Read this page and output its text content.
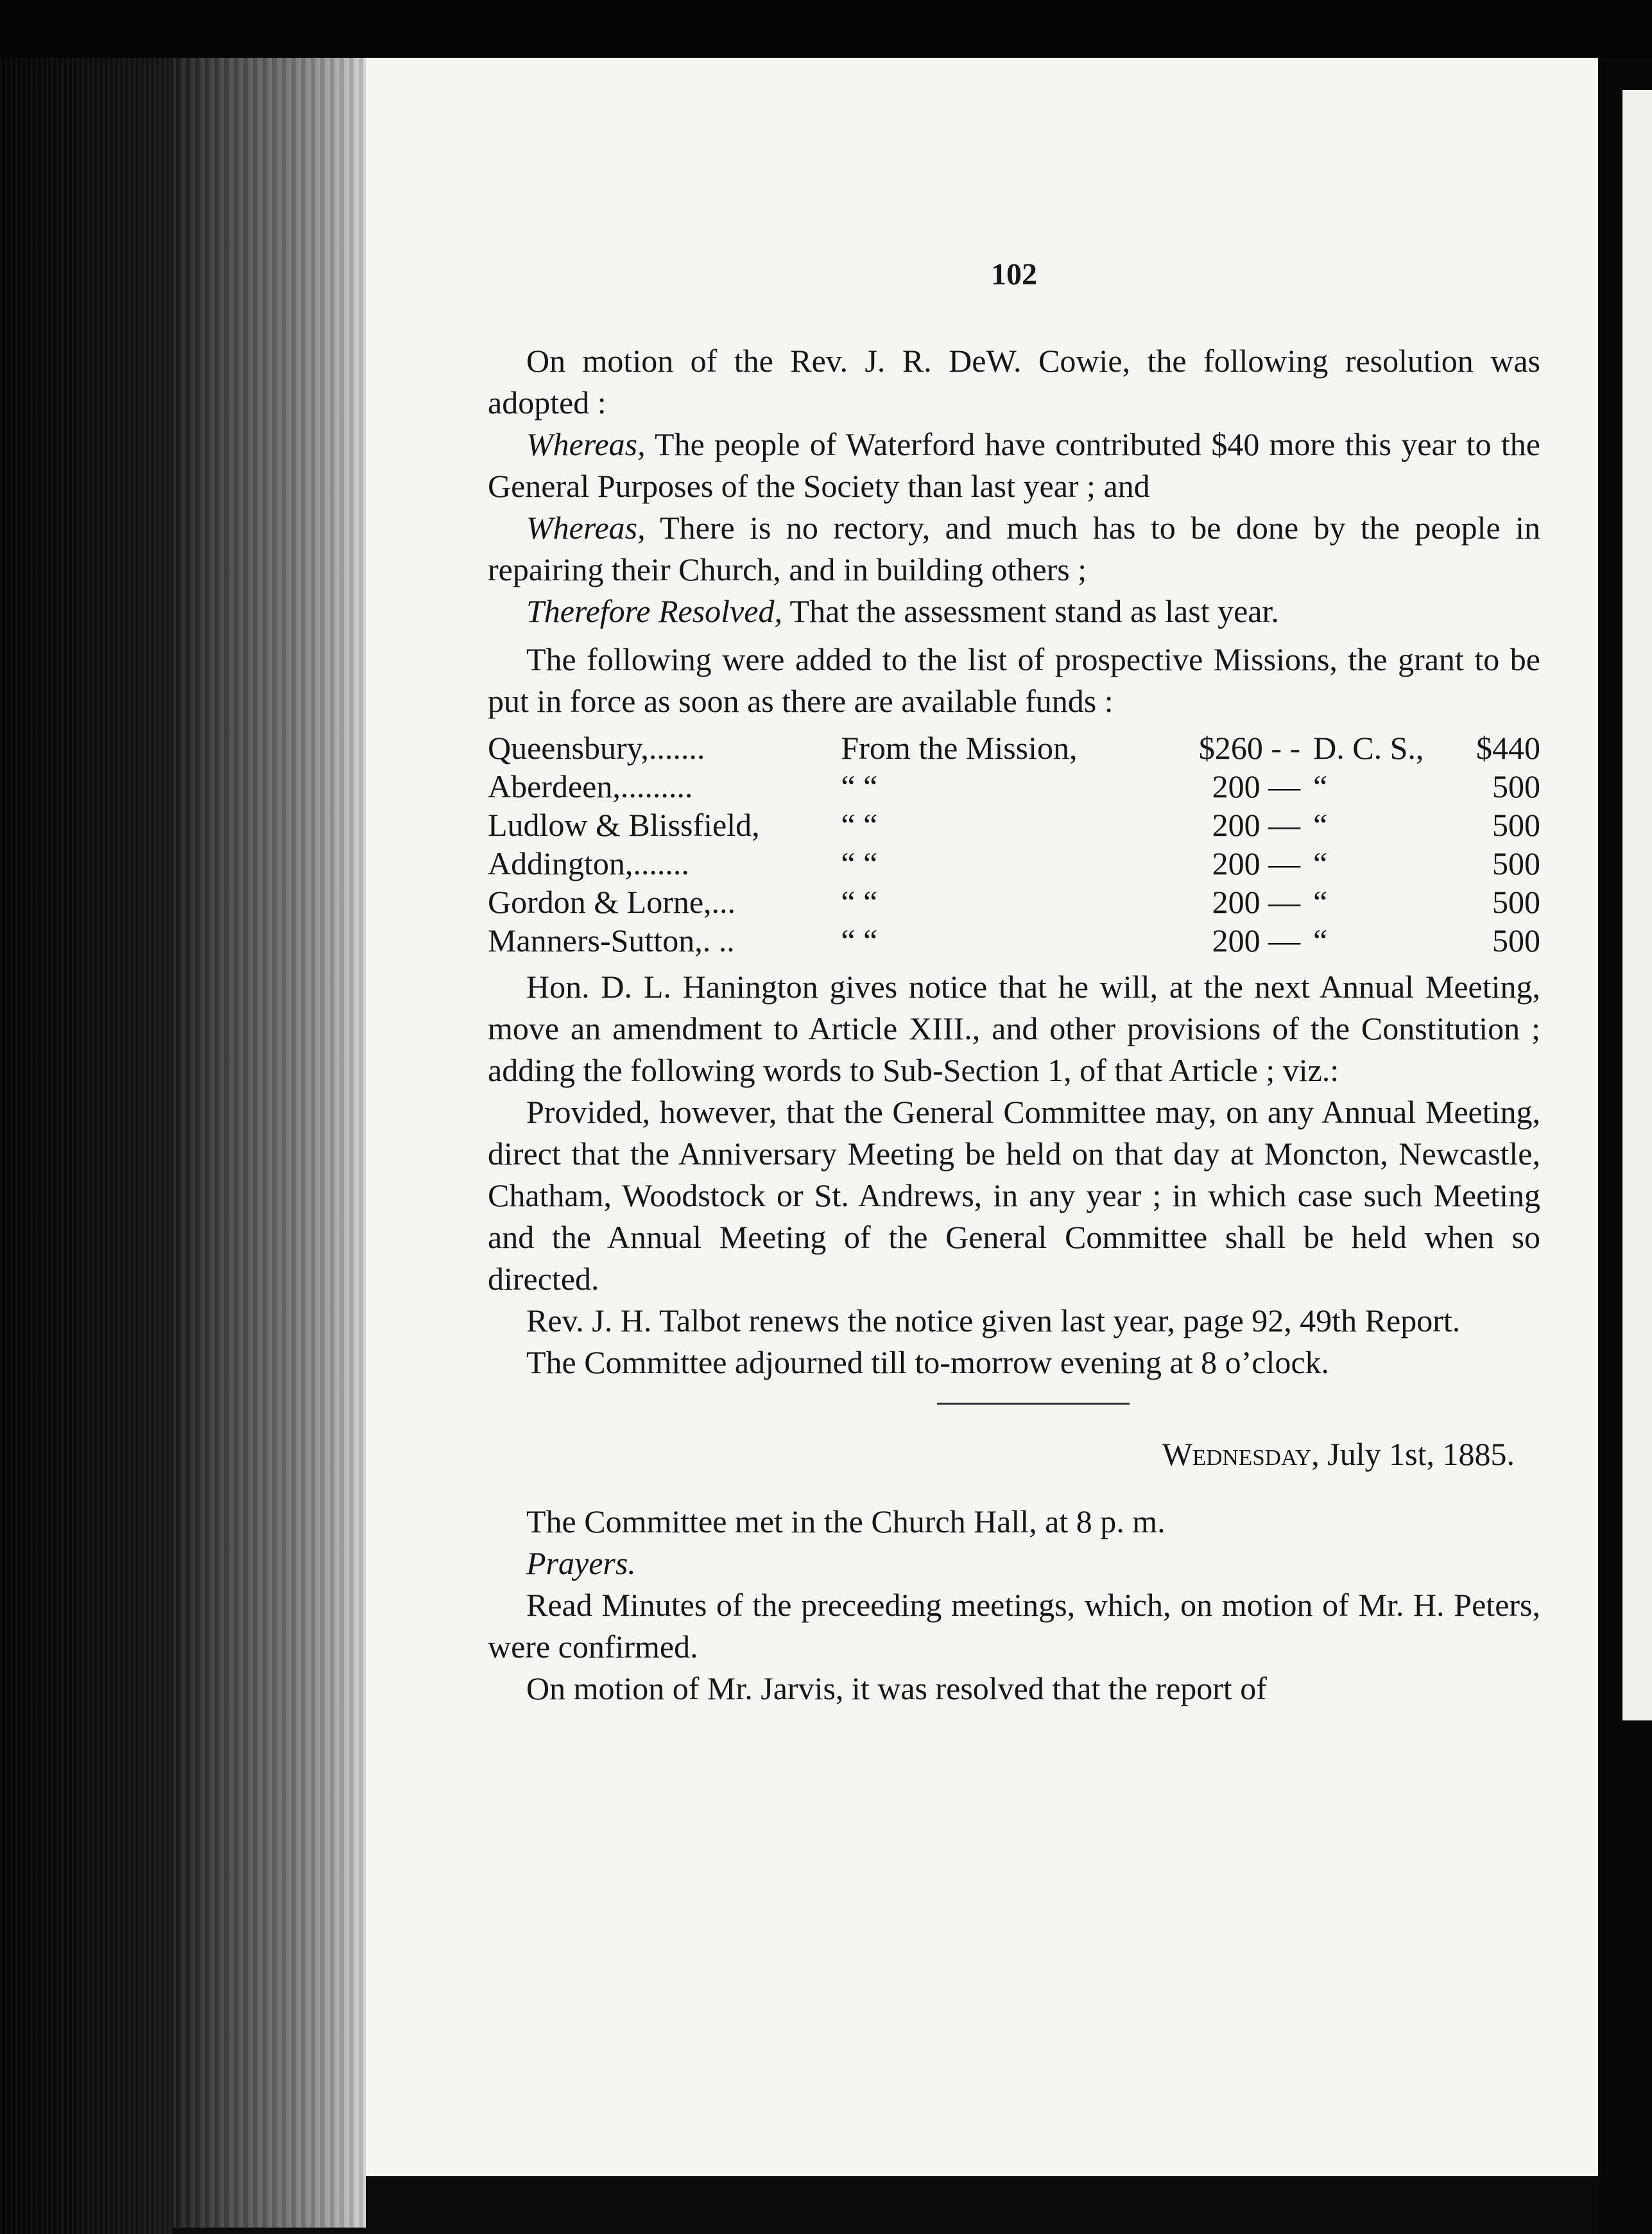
102

On motion of the Rev. J. R. DeW. Cowie, the following resolution was adopted :

Whereas, The people of Waterford have contributed $40 more this year to the General Purposes of the Society than last year ; and

Whereas, There is no rectory, and much has to be done by the people in repairing their Church, and in building others ;

Therefore Resolved, That the assessment stand as last year.

The following were added to the list of prospective Missions, the grant to be put in force as soon as there are available funds :

Queensbury,.......	From the Mission,	$260 - -	D. C. S.,	$440
Aberdeen,.........	“ “	200 —	“	500
Ludlow & Blissfield,	“ “	200 —	“	500
Addington,.......	“ “	200 —	“	500
Gordon & Lorne,...	“ “	200 —	“	500
Manners-Sutton,. ..	“ “	200 —	“	500

Hon. D. L. Hanington gives notice that he will, at the next Annual Meeting, move an amendment to Article XIII., and other provisions of the Constitution ; adding the following words to Sub-Section 1, of that Article ; viz.:

Provided, however, that the General Committee may, on any Annual Meeting, direct that the Anniversary Meeting be held on that day at Moncton, Newcastle, Chatham, Woodstock or St. Andrews, in any year ; in which case such Meeting and the Annual Meeting of the General Committee shall be held when so directed.

Rev. J. H. Talbot renews the notice given last year, page 92, 49th Report.

The Committee adjourned till to-morrow evening at 8 o’clock.

Wednesday, July 1st, 1885.

The Committee met in the Church Hall, at 8 p. m.

Prayers.

Read Minutes of the preceeding meetings, which, on motion of Mr. H. Peters, were confirmed.

On motion of Mr. Jarvis, it was resolved that the report of
